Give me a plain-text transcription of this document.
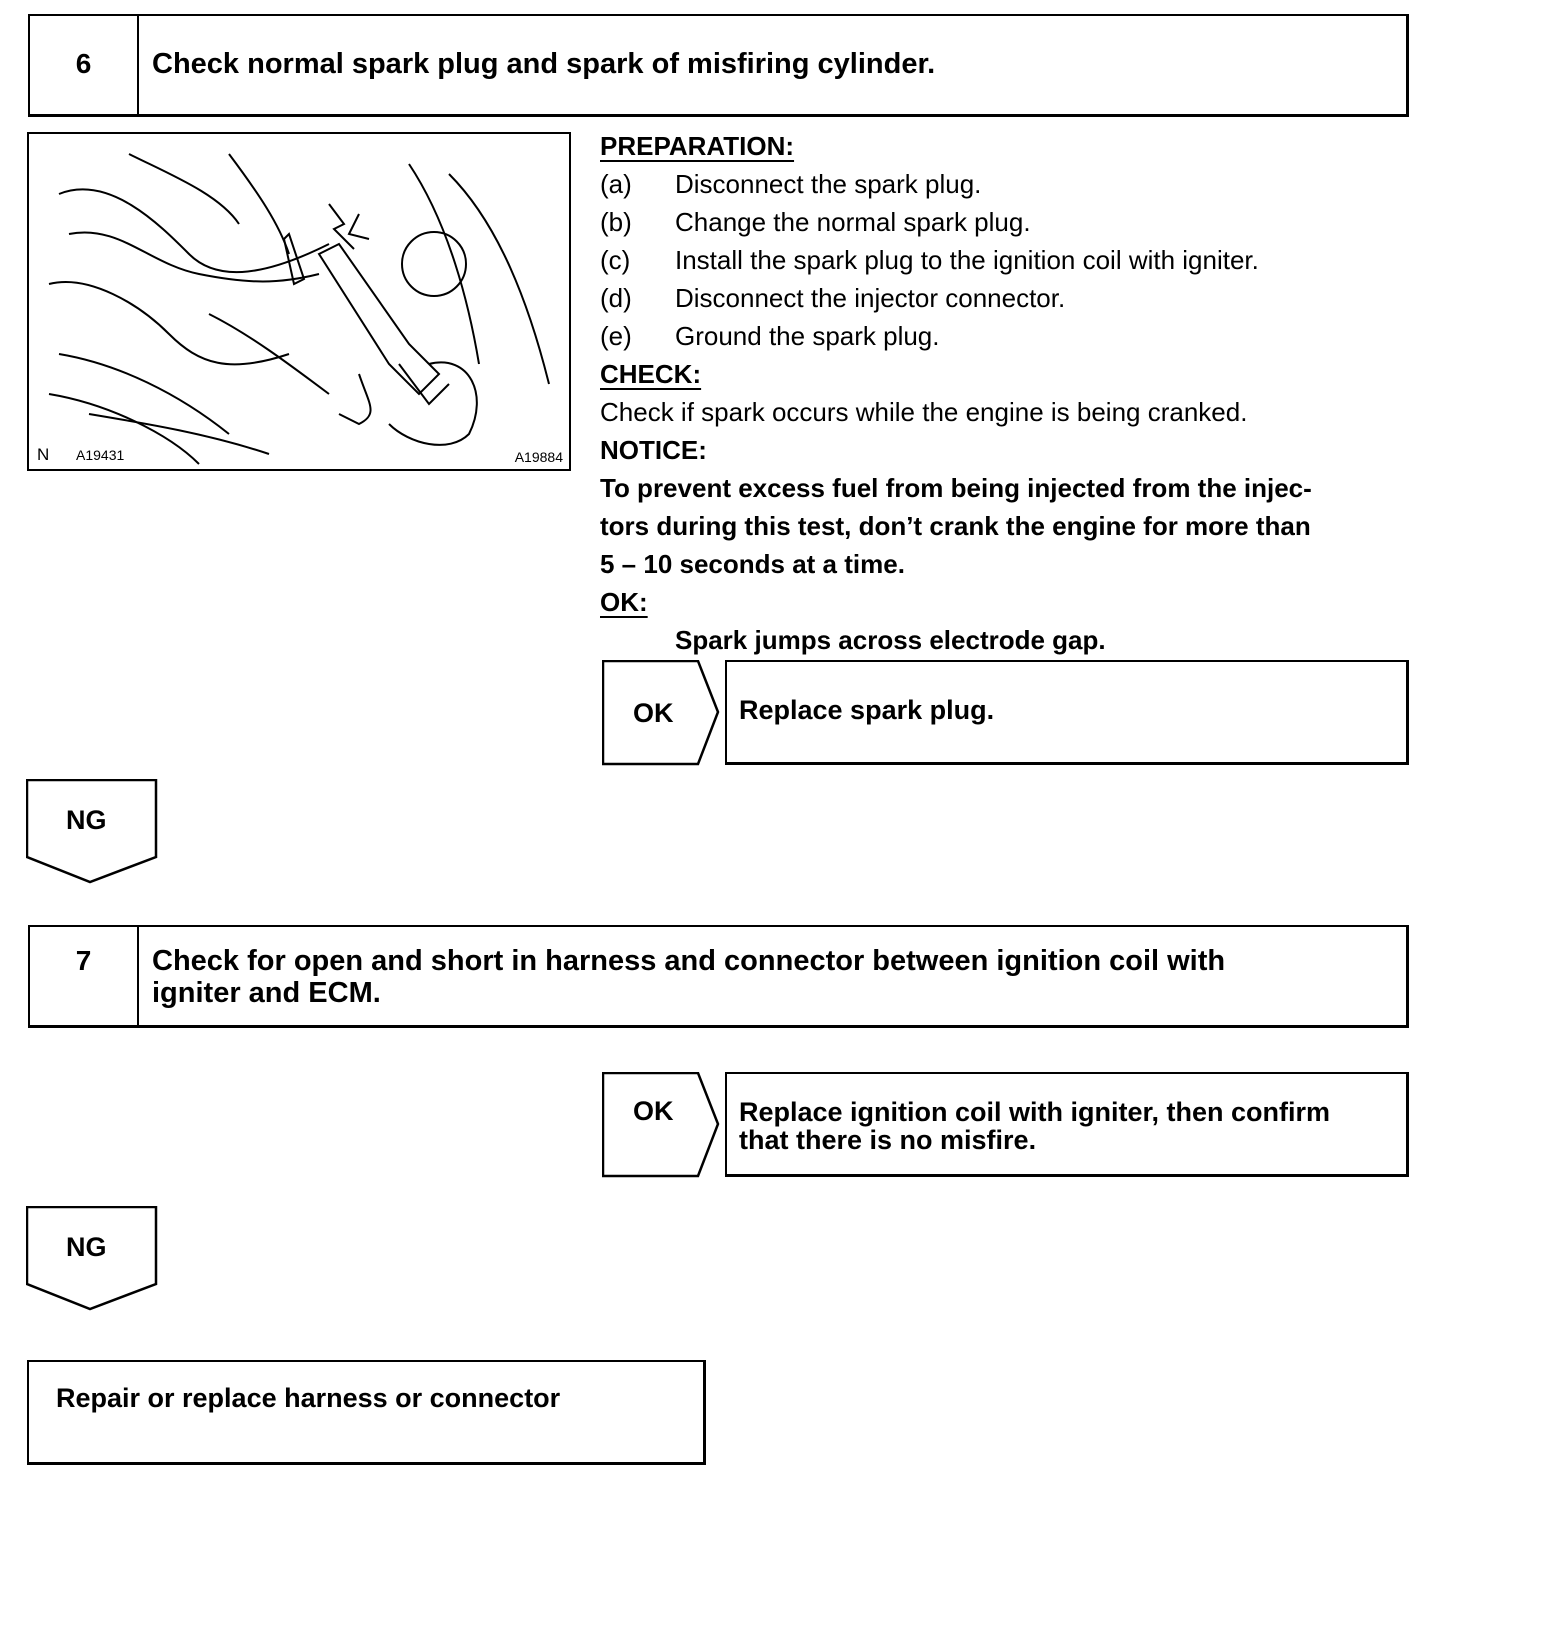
6	Check normal spark plug and spark of misfiring cylinder.
N A19431	A19884
PREPARATION:
(a)	Disconnect the spark plug.
(b)	Change the normal spark plug.
(c)	Install the spark plug to the ignition coil with igniter.
(d)	Disconnect the injector connector.
(e)	Ground the spark plug.
CHECK:
Check if spark occurs while the engine is being cranked.
NOTICE:
To prevent excess fuel from being injected from the injec-
tors during this test, don’t crank the engine for more than
5 – 10 seconds at a time.
OK:
Spark jumps across electrode gap.
OK	Replace spark plug.
NG
7	Check for open and short in harness and connector between ignition coil with
igniter and ECM.
OK Replace ignition coil with igniter, then confirm
that there is no misfire.
NG
Repair or replace harness or connector
